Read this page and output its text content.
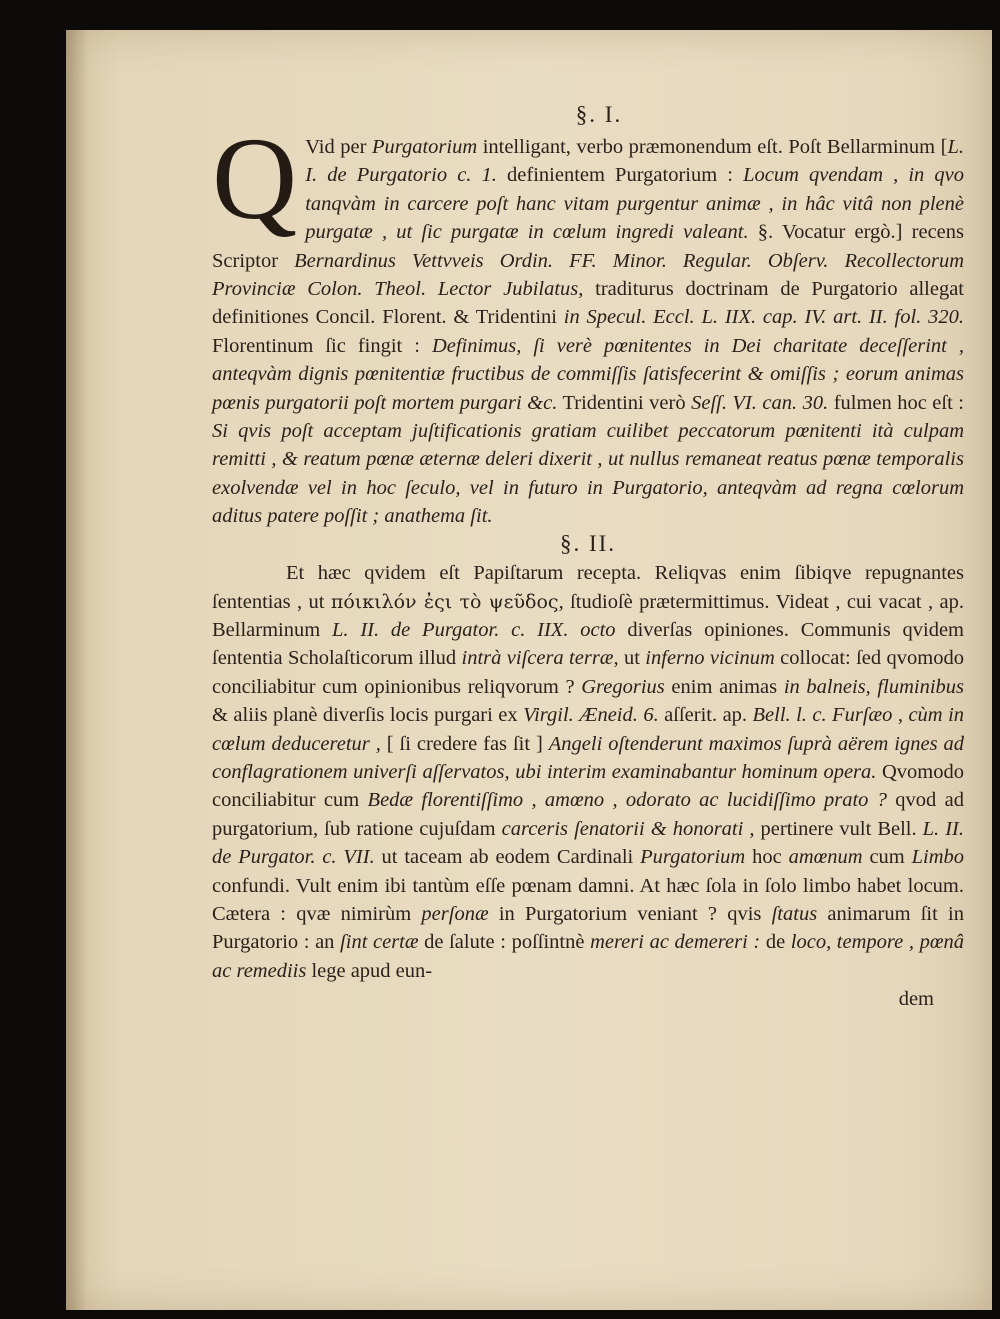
§. I.
Q Vid per Purgatorium intelligant, verbo præmonendum eſt. Poſt Bellarminum [L. I. de Purgatorio c. 1. definientem Purgatorium : Locum qvendam , in qvo tanqvàm in carcere poſt hanc vitam purgentur animæ , in hâc vitâ non plenè purgatæ , ut ſic purgatæ in cœlum ingredi valeant. §. Vocatur ergò.] recens Scriptor Bernardinus Vettvveis Ordin. FF. Minor. Regular. Obſerv. Recollectorum Provinciæ Colon. Theol. Lector Jubilatus, traditurus doctrinam de Purgatorio allegat definitiones Concil. Florent. & Tridentini in Specul. Eccl. L. IIX. cap. IV. art. II. fol. 320. Florentinum ſic fingit : Definimus, ſi verè pœnitentes in Dei charitate deceſſerint , anteqvàm dignis pœnitentiæ fructibus de commiſſis ſatisfecerint & omiſſis ; eorum animas pœnis purgatorii poſt mortem purgari &c. Tridentini verò Seſſ. VI. can. 30. fulmen hoc eſt : Si qvis poſt acceptam juſtificationis gratiam cuilibet peccatorum pœnitenti ità culpam remitti , & reatum pœnæ æternæ deleri dixerit , ut nullus remaneat reatus pœnæ temporalis exolvendæ vel in hoc ſeculo, vel in futuro in Purgatorio, anteqvàm ad regna cœlorum aditus patere poſſit ; anathema ſit.

§. II.

Et hæc qvidem eſt Papiſtarum recepta. Reliqvas enim ſibiqve repugnantes ſententias , ut πόικιλόν ἐςι τὸ ψεῦδος, ſtudioſè prætermittimus. Videat , cui vacat , ap. Bellarminum L. II. de Purgator. c. IIX. octo diverſas opiniones. Communis qvidem ſententia Scholaſticorum illud intrà viſcera terræ, ut inferno vicinum collocat: ſed qvomodo conciliabitur cum opinionibus reliqvorum ? Gregorius enim animas in balneis, fluminibus & aliis planè diverſis locis purgari ex Virgil. Æneid. 6. aſſerit. ap. Bell. l. c. Furſæo , cùm in cœlum deduceretur , [ ſi credere fas ſit ] Angeli oſtenderunt maximos ſuprà aërem ignes ad conflagrationem univerſi aſſervatos, ubi interim examinabantur hominum opera. Qvomodo conciliabitur cum Bedæ florentiſſimo , amœno , odorato ac lucidiſſimo prato ? qvod ad purgatorium, ſub ratione cujuſdam carceris ſenatorii & honorati , pertinere vult Bell. L. II. de Purgator. c. VII. ut taceam ab eodem Cardinali Purgatorium hoc amœnum cum Limbo confundi. Vult enim ibi tantùm eſſe pœnam damni. At hæc ſola in ſolo limbo habet locum. Cætera : qvæ nimirùm perſonæ in Purgatorium veniant ? qvis ſtatus animarum ſit in Purgatorio : an ſint certæ de ſalute : poſſintnè mereri ac demereri : de loco, tempore , pœnâ ac remediis lege apud eun-

dem
